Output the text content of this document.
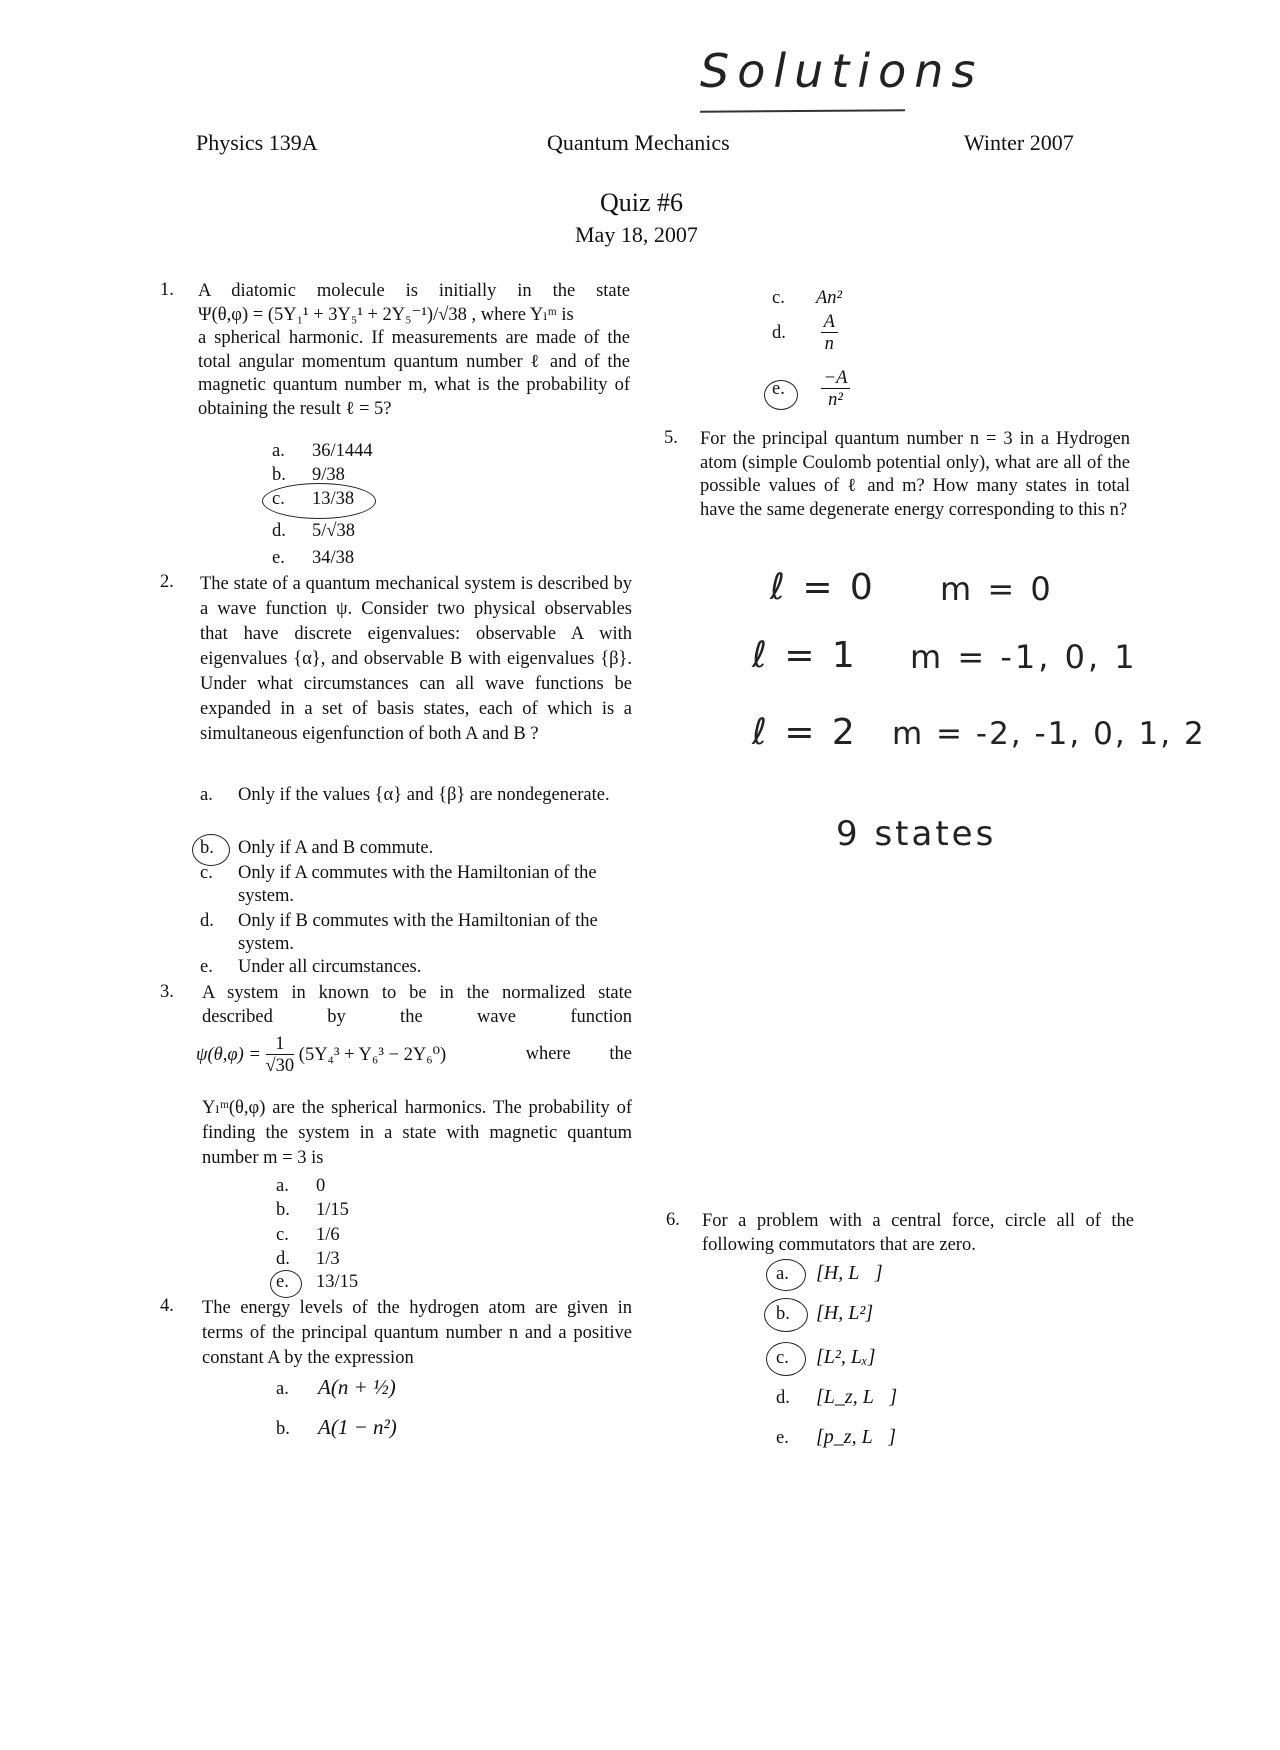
Solutions
Physics 139A	Quantum Mechanics	Winter 2007
Quiz #6
May 18, 2007
1. A diatomic molecule is initially in the state
Ψ(θ,φ) = (5Y₁¹ + 3Y₅¹ + 2Y₅⁻¹)/√38 , where Yₗᵐ is
a spherical harmonic. If measurements are made of the total angular momentum quantum number ℓ and of the magnetic quantum number m, what is the probability of obtaining the result ℓ = 5?
a. 36/1444
b. 9/38
c. 13/38
d. 5/√38
e. 34/38
2. The state of a quantum mechanical system is described by a wave function ψ. Consider two physical observables that have discrete eigenvalues: observable A with eigenvalues {α}, and observable B with eigenvalues {β}. Under what circumstances can all wave functions be expanded in a set of basis states, each of which is a simultaneous eigenfunction of both A and B ?
a.	Only if the values {α} and {β} are nondegenerate.
b.	Only if A and B commute.
c.	Only if A commutes with the Hamiltonian of the system.
d.	Only if B commutes with the Hamiltonian of the system.
e. Under all circumstances.
3. A system in known to be in the normalized state described by the wave function
$\psi(\theta,\varphi) = \frac{1}{√30} (5Y_4^3 + Y_6^3 - 2Y_6^0)$	where the
Yₗᵐ(θ,φ) are the spherical harmonics. The probability of finding the system in a state with magnetic quantum number m = 3 is
a. 0
b. 1/15
c. 1/6
d. 1/3
e. 13/15
4. The energy levels of the hydrogen atom are given in terms of the principal quantum number n and a positive constant A by the expression
a. A(n + ½)
b. A(1 − n²)
c. An²
d. $\frac{A}{n}$
e. $\frac{-A}{\text{n²}}$
5. For the principal quantum number n = 3 in a Hydrogen atom (simple Coulomb potential only), what are all of the possible values of ℓ and m? How many states in total have the same degenerate energy corresponding to this n?
ℓ = 0 m = 0
ℓ = 1 m = -1, 0, 1
ℓ = 2 m = -2, -1, 0, 1, 2
9 states
6. For a problem with a central force, circle all of the following commutators that are zero.
a. [H, L⃗]
b. [H, L²]
c. [L², Lₓ]
d. [L_z, L⃗]
e. [p_z, L⃗]
